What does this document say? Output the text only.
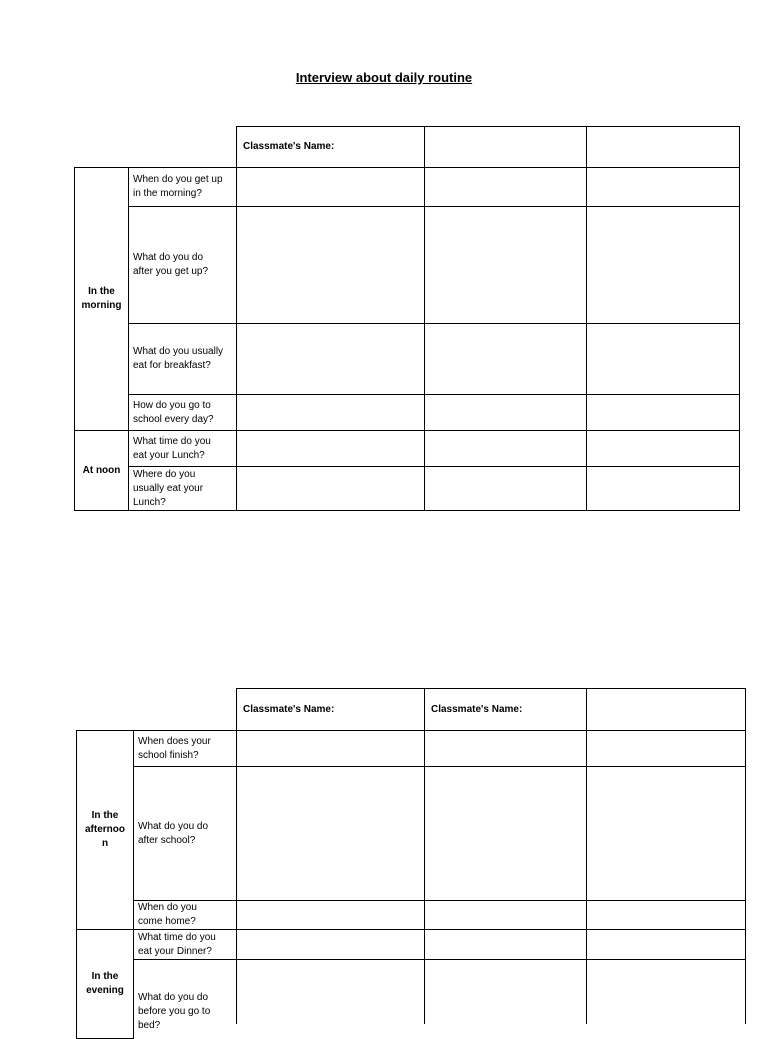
Interview about daily routine
Classmate's Name:
In the
morning
At noon
When do you get up
in the morning?
What do you do
after you get up?
What do you usually
eat for breakfast?
How do you go to
school every day?
What time do you
eat your Lunch?
Where do you
usually eat your
Lunch?
Classmate's Name:	Classmate's Name:
In the
afternoo
n
In the
evening
When does your
school finish?
What do you do
after school?
When do you
come home?
What time do you
eat your Dinner?
What do you do
before you go to
bed?
